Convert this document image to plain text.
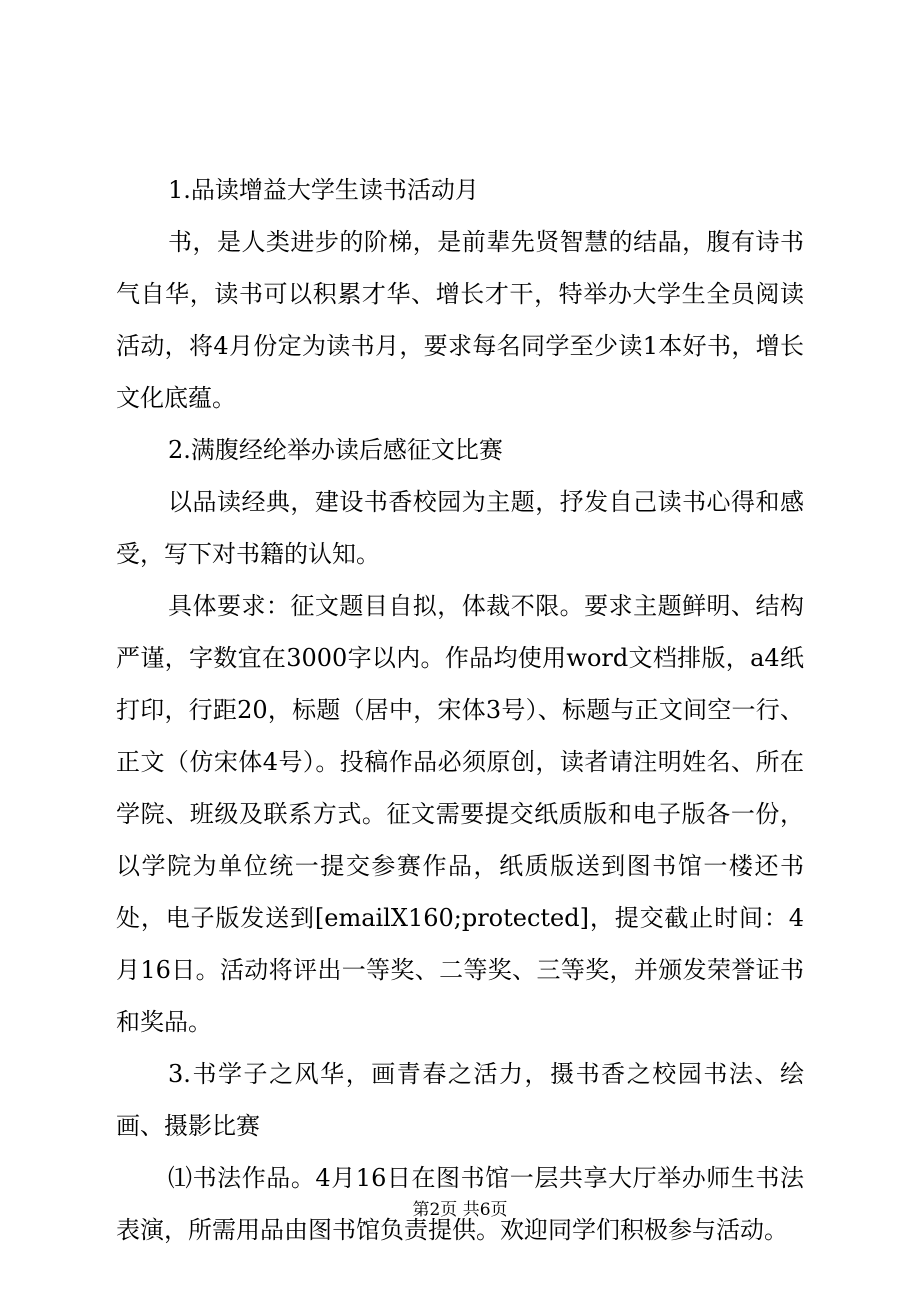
1.品读增益大学生读书活动月

书，是人类进步的阶梯，是前辈先贤智慧的结晶，腹有诗书气自华，读书可以积累才华、增长才干，特举办大学生全员阅读活动，将4月份定为读书月，要求每名同学至少读1本好书，增长文化底蕴。

2.满腹经纶举办读后感征文比赛

以品读经典，建设书香校园为主题，抒发自己读书心得和感受，写下对书籍的认知。

具体要求：征文题目自拟，体裁不限。要求主题鲜明、结构严谨，字数宜在3000字以内。作品均使用word文档排版，a4纸打印，行距20，标题（居中，宋体3号）、标题与正文间空一行、正文（仿宋体4号）。投稿作品必须原创，读者请注明姓名、所在学院、班级及联系方式。征文需要提交纸质版和电子版各一份，以学院为单位统一提交参赛作品，纸质版送到图书馆一楼还书处，电子版发送到[emailX160;protected]，提交截止时间：4月16日。活动将评出一等奖、二等奖、三等奖，并颁发荣誉证书和奖品。

3.书学子之风华，画青春之活力，摄书香之校园书法、绘画、摄影比赛

⑴书法作品。4月16日在图书馆一层共享大厅举办师生书法表演，所需用品由图书馆负责提供。欢迎同学们积极参与活动。

第2页 共6页
